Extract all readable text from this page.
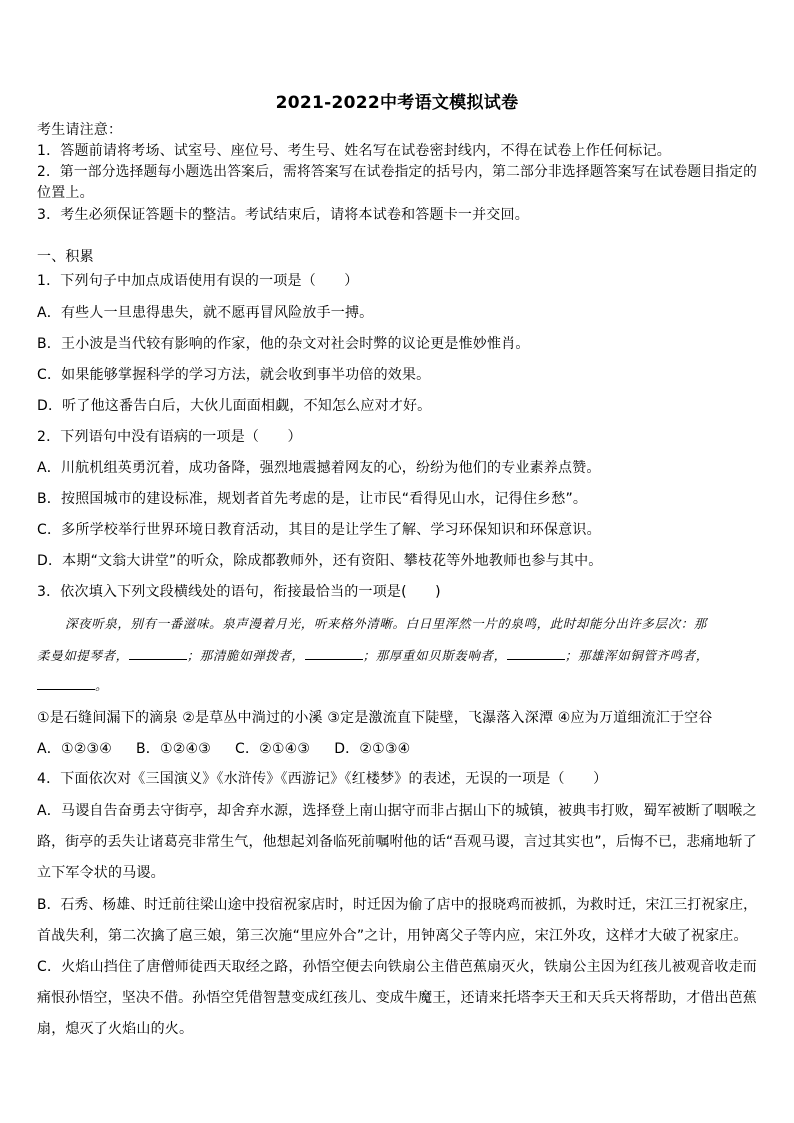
2021-2022中考语文模拟试卷
考生请注意：
1．答题前请将考场、试室号、座位号、考生号、姓名写在试卷密封线内，不得在试卷上作任何标记。
2．第一部分选择题每小题选出答案后，需将答案写在试卷指定的括号内，第二部分非选择题答案写在试卷题目指定的
位置上。
3．考生必须保证答题卡的整洁。考试结束后，请将本试卷和答题卡一并交回。
一、积累
1．下列句子中加点成语使用有误的一项是（　　）
A．有些人一旦患得患失，就不愿再冒风险放手一搏。
B．王小波是当代较有影响的作家，他的杂文对社会时弊的议论更是惟妙惟肖。
C．如果能够掌握科学的学习方法，就会收到事半功倍的效果。
D．听了他这番告白后，大伙儿面面相觑，不知怎么应对才好。
2．下列语句中没有语病的一项是（　　）
A．川航机组英勇沉着，成功备降，强烈地震撼着网友的心，纷纷为他们的专业素养点赞。
B．按照国城市的建设标准，规划者首先考虑的是，让市民“看得见山水，记得住乡愁”。
C．多所学校举行世界环境日教育活动，其目的是让学生了解、学习环保知识和环保意识。
D．本期“文翁大讲堂”的听众，除成都教师外，还有资阳、攀枝花等外地教师也参与其中。
3．依次填入下列文段横线处的语句，衔接最恰当的一项是(　　)
深夜听泉，别有一番滋味。泉声漫着月光，听来格外清晰。白日里浑然一片的泉鸣，此时却能分出许多层次：那
柔曼如提琴者，	；那清脆如弹拨者，	；那厚重如贝斯轰响者，	；那雄浑如铜管齐鸣者，
。
①是石缝间漏下的滴泉 ②是草丛中淌过的小溪 ③定是激流直下陡壁，飞瀑落入深潭 ④应为万道细流汇于空谷
A．①②③④ B．①②④③ C．②①④③ D．②①③④
4．下面依次对《三国演义》《水浒传》《西游记》《红楼梦》的表述，无误的一项是（　　）
A．马谡自告奋勇去守街亭，却舍弃水源，选择登上南山据守而非占据山下的城镇，被典韦打败，蜀军被断了咽喉之
路，街亭的丢失让诸葛亮非常生气，他想起刘备临死前嘱咐他的话“吾观马谡，言过其实也”，后悔不已，悲痛地斩了
立下军令状的马谡。
B．石秀、杨雄、时迁前往梁山途中投宿祝家店时，时迁因为偷了店中的报晓鸡而被抓，为救时迁，宋江三打祝家庄，
首战失利，第二次擒了扈三娘，第三次施“里应外合”之计，用钟离父子等内应，宋江外攻，这样才大破了祝家庄。
C．火焰山挡住了唐僧师徒西天取经之路，孙悟空便去向铁扇公主借芭蕉扇灭火，铁扇公主因为红孩儿被观音收走而
痛恨孙悟空，坚决不借。孙悟空凭借智慧变成红孩儿、变成牛魔王，还请来托塔李天王和天兵天将帮助，才借出芭蕉
扇，熄灭了火焰山的火。
